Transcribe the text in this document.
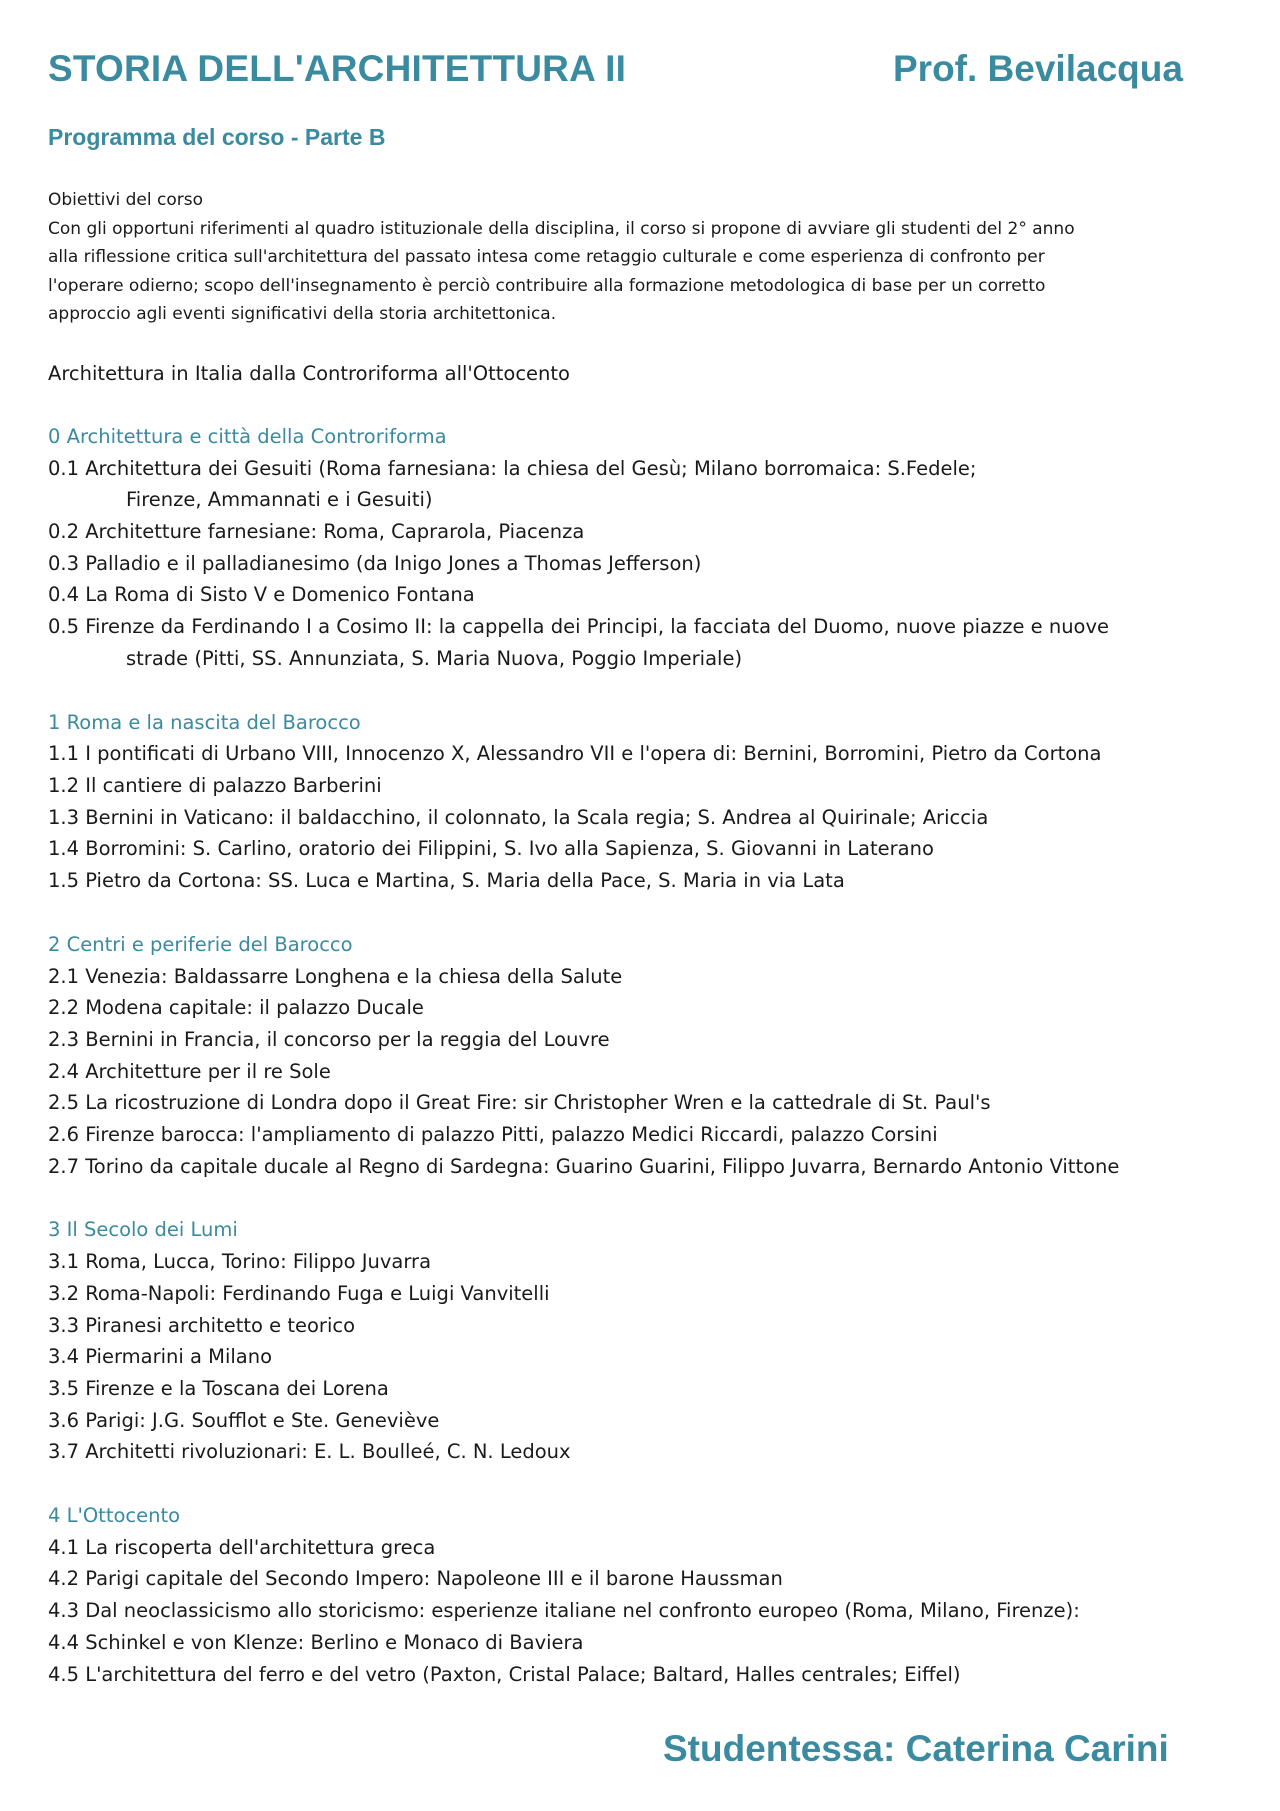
STORIA DELL'ARCHITETTURA II	Prof. Bevilacqua
Programma del corso - Parte B
Obiettivi del corso
Con gli opportuni riferimenti al quadro istituzionale della disciplina, il corso si propone di avviare gli studenti del 2° anno
alla riflessione critica sull'architettura del passato intesa come retaggio culturale e come esperienza di confronto per
l'operare odierno; scopo dell'insegnamento è perciò contribuire alla formazione metodologica di base per un corretto
approccio agli eventi significativi della storia architettonica.
Architettura in Italia dalla Controriforma all'Ottocento
0 Architettura e città della Controriforma
0.1 Architettura dei Gesuiti (Roma farnesiana: la chiesa del Gesù; Milano borromaica: S.Fedele;
Firenze, Ammannati e i Gesuiti)
0.2 Architetture farnesiane: Roma, Caprarola, Piacenza
0.3 Palladio e il palladianesimo (da Inigo Jones a Thomas Jefferson)
0.4 La Roma di Sisto V e Domenico Fontana
0.5 Firenze da Ferdinando I a Cosimo II: la cappella dei Principi, la facciata del Duomo, nuove piazze e nuove
strade (Pitti, SS. Annunziata, S. Maria Nuova, Poggio Imperiale)
1 Roma e la nascita del Barocco
1.1 I pontificati di Urbano VIII, Innocenzo X, Alessandro VII e l'opera di: Bernini, Borromini, Pietro da Cortona
1.2 Il cantiere di palazzo Barberini
1.3 Bernini in Vaticano: il baldacchino, il colonnato, la Scala regia; S. Andrea al Quirinale; Ariccia
1.4 Borromini: S. Carlino, oratorio dei Filippini, S. Ivo alla Sapienza, S. Giovanni in Laterano
1.5 Pietro da Cortona: SS. Luca e Martina, S. Maria della Pace, S. Maria in via Lata
2 Centri e periferie del Barocco
2.1 Venezia: Baldassarre Longhena e la chiesa della Salute
2.2 Modena capitale: il palazzo Ducale
2.3 Bernini in Francia, il concorso per la reggia del Louvre
2.4 Architetture per il re Sole
2.5 La ricostruzione di Londra dopo il Great Fire: sir Christopher Wren e la cattedrale di St. Paul's
2.6 Firenze barocca: l'ampliamento di palazzo Pitti, palazzo Medici Riccardi, palazzo Corsini
2.7 Torino da capitale ducale al Regno di Sardegna: Guarino Guarini, Filippo Juvarra, Bernardo Antonio Vittone
3 Il Secolo dei Lumi
3.1 Roma, Lucca, Torino: Filippo Juvarra
3.2 Roma-Napoli: Ferdinando Fuga e Luigi Vanvitelli
3.3 Piranesi architetto e teorico
3.4 Piermarini a Milano
3.5 Firenze e la Toscana dei Lorena
3.6 Parigi: J.G. Soufflot e Ste. Geneviève
3.7 Architetti rivoluzionari: E. L. Boulleé, C. N. Ledoux
4 L'Ottocento
4.1 La riscoperta dell'architettura greca
4.2 Parigi capitale del Secondo Impero: Napoleone III e il barone Haussman
4.3 Dal neoclassicismo allo storicismo: esperienze italiane nel confronto europeo (Roma, Milano, Firenze):
4.4 Schinkel e von Klenze: Berlino e Monaco di Baviera
4.5 L'architettura del ferro e del vetro (Paxton, Cristal Palace; Baltard, Halles centrales; Eiffel)
Studentessa: Caterina Carini
